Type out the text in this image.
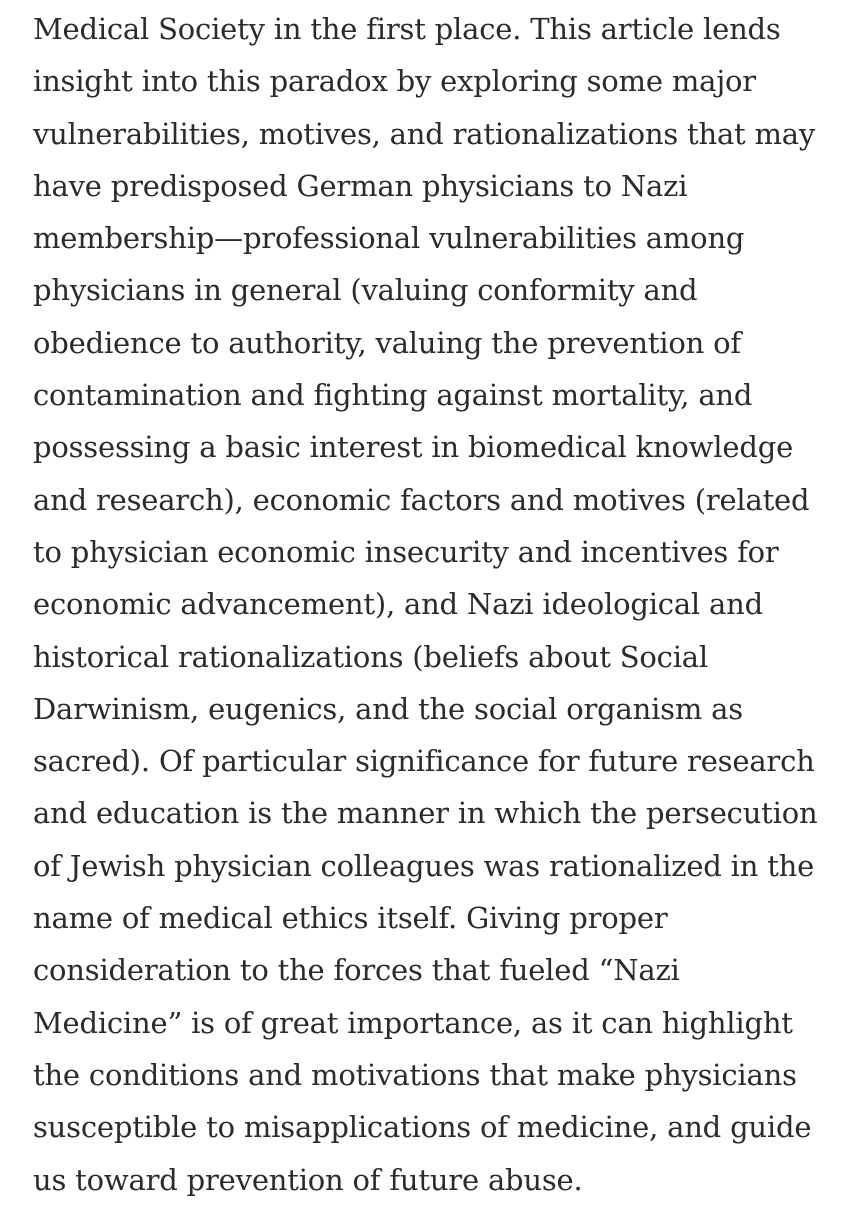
Medical Society in the first place. This article lends
insight into this paradox by exploring some major
vulnerabilities, motives, and rationalizations that may
have predisposed German physicians to Nazi
membership—professional vulnerabilities among
physicians in general (valuing conformity and
obedience to authority, valuing the prevention of
contamination and fighting against mortality, and
possessing a basic interest in biomedical knowledge
and research), economic factors and motives (related
to physician economic insecurity and incentives for
economic advancement), and Nazi ideological and
historical rationalizations (beliefs about Social
Darwinism, eugenics, and the social organism as
sacred). Of particular significance for future research
and education is the manner in which the persecution
of Jewish physician colleagues was rationalized in the
name of medical ethics itself. Giving proper
consideration to the forces that fueled “Nazi
Medicine” is of great importance, as it can highlight
the conditions and motivations that make physicians
susceptible to misapplications of medicine, and guide
us toward prevention of future abuse.
